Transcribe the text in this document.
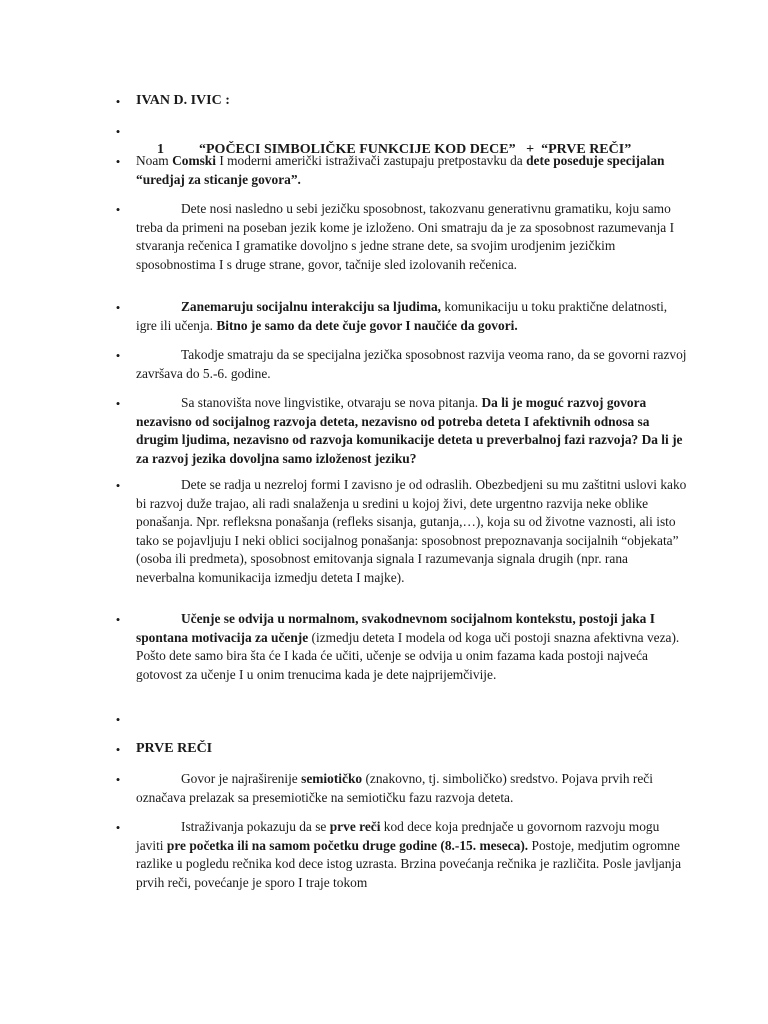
• IVAN D. IVIC :
•

1          “POČECI SIMBOLIČKE FUNKCIJE KOD DECE”   +  “PRVE REČI”

• Noam Comski I moderni američki istraživači zastupaju pretpostavku da dete poseduje specijalan “uredjaj za sticanje govora”.
•	Dete nosi nasledno u sebi jezičku sposobnost, takozvanu generativnu gramatiku, koju samo treba da primeni na poseban jezik kome je izloženo. Oni smatraju da je za sposobnost razumevanja I stvaranja rečenica I gramatike dovoljno s jedne strane dete, sa svojim urodjenim jezičkim sposobnostima I s druge strane, govor, tačnije sled izolovanih rečenica.
•	Zanemaruju socijalnu interakciju sa ljudima, komunikaciju u toku praktične delatnosti, igre ili učenja. Bitno je samo da dete čuje govor I naučiće da govori.
•	Takodje smatraju da se specijalna jezička sposobnost razvija veoma rano, da se govorni razvoj završava do 5.-6. godine.
•	Sa stanovišta nove lingvistike, otvaraju se nova pitanja. Da li je moguć razvoj govora nezavisno od socijalnog razvoja deteta, nezavisno od potreba deteta I afektivnih odnosa sa drugim ljudima, nezavisno od razvoja komunikacije deteta u preverbalnoj fazi razvoja? Da li je za razvoj jezika dovoljna samo izloženost jeziku?
•	Dete se radja u nezreloj formi I zavisno je od odraslih. Obezbedjeni su mu zaštitni uslovi kako bi razvoj duže trajao, ali radi snalaženja u sredini u kojoj živi, dete urgentno razvija neke oblike ponašanja. Npr. refleksna ponašanja (refleks sisanja, gutanja,…), koja su od životne vaznosti, ali isto tako se pojavljuju I neki oblici socijalnog ponašanja: sposobnost prepoznavanja socijalnih “objekata” (osoba ili predmeta), sposobnost emitovanja signala I razumevanja signala drugih (npr. rana neverbalna komunikacija izmedju deteta I majke).
•	Učenje se odvija u normalnom, svakodnevnom socijalnom kontekstu, postoji jaka I spontana motivacija za učenje (izmedju deteta I modela od koga uči postoji snazna afektivna veza). Pošto dete samo bira šta će I kada će učiti, učenje se odvija u onim fazama kada postoji najveća gotovost za učenje I u onim trenucima kada je dete najprijemčivije.
•
• PRVE REČI
•	Govor je najraširenije semiotičko (znakovno, tj. simboličko) sredstvo. Pojava prvih reči označava prelazak sa presemiotičke na semiotičku fazu razvoja deteta.
•	Istraživanja pokazuju da se prve reči kod dece koja prednjače u govornom razvoju mogu javiti pre početka ili na samom početku druge godine (8.-15. meseca). Postoje, medjutim ogromne razlike u pogledu rečnika kod dece istog uzrasta. Brzina povećanja rečnika je različita. Posle javljanja prvih reči, povećanje je sporo I traje tokom
